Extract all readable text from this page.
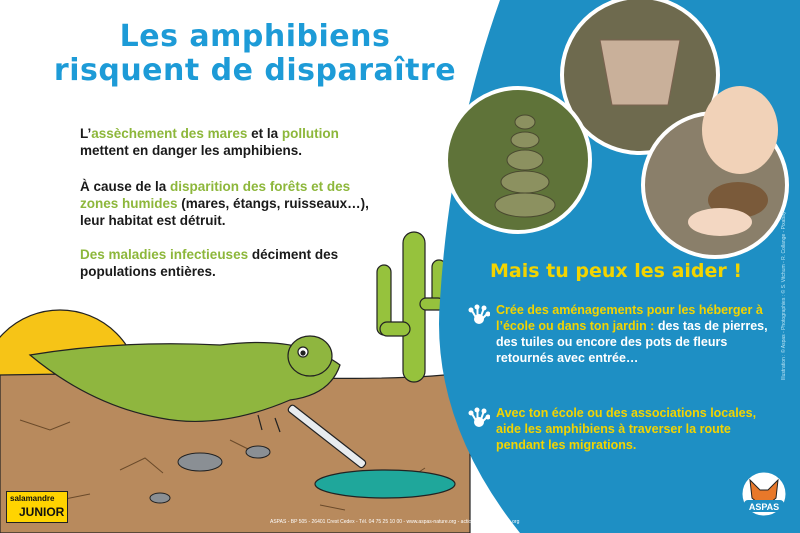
Les amphibiens
risquent de disparaître
L’assèchement des mares et la pollution mettent en danger les amphibiens.
À cause de la disparition des forêts et des zones humides (mares, étangs, ruisseaux…), leur habitat est détruit.
Des maladies infectieuses déciment des populations entières.	Mais tu peux les aider !
Crée des aménagements pour les héberger à l’école ou dans ton jardin : des tas de pierres, des tuiles ou encore des pots de fleurs retournés avec entrée…
Avec ton école ou des associations locales, aide les amphibiens à traverser la route pendant les migrations.
Illustration : © Aspas - Photographies : © S. Vitchum - R. Collange - Pixabay
ASPAS - BP 505 - 26401 Crest Cedex - Tél. 04 75 25 10 00 - www.aspas-nature.org - actions@aspas-nature.org
salamandre
JUNIOR	ASPAS
